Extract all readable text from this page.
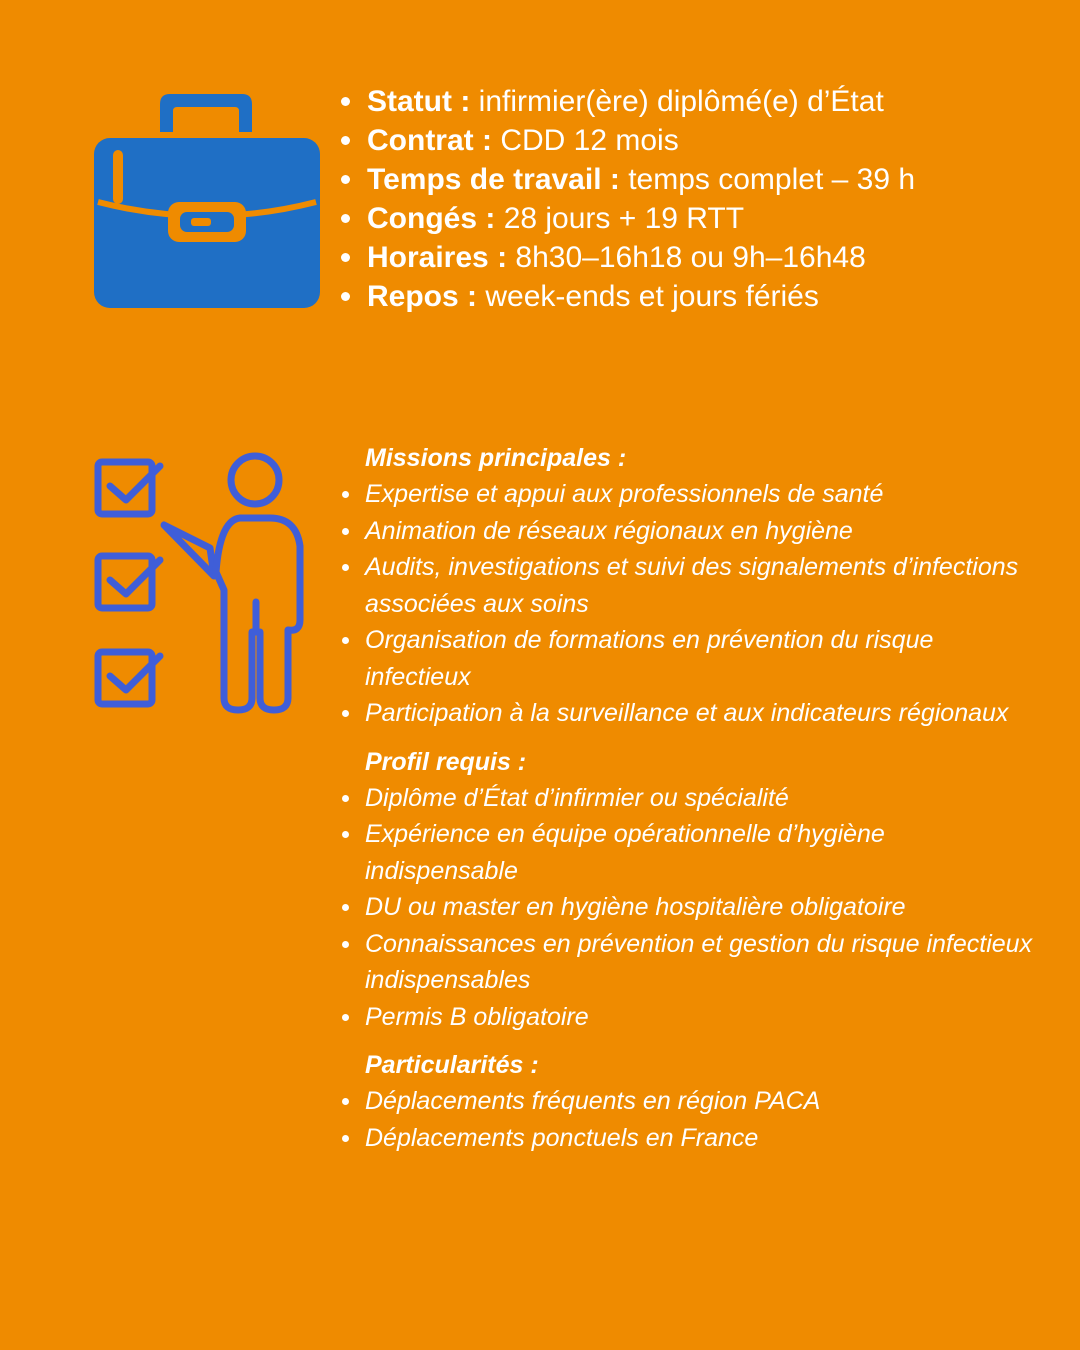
Statut : infirmier(ère) diplômé(e) d’État
Contrat : CDD 12 mois
Temps de travail : temps complet – 39 h
Congés : 28 jours + 19 RTT
Horaires : 8h30–16h18 ou 9h–16h48
Repos : week-ends et jours fériés
Missions principales :
Expertise et appui aux professionnels de santé
Animation de réseaux régionaux en hygiène
Audits, investigations et suivi des signalements d’infections associées aux soins
Organisation de formations en prévention du risque infectieux
Participation à la surveillance et aux indicateurs régionaux
Profil requis :
Diplôme d’État d’infirmier ou spécialité
Expérience en équipe opérationnelle d’hygiène indispensable
DU ou master en hygiène hospitalière obligatoire
Connaissances en prévention et gestion du risque infectieux indispensables
Permis B obligatoire
Particularités :
Déplacements fréquents en région PACA
Déplacements ponctuels en France
